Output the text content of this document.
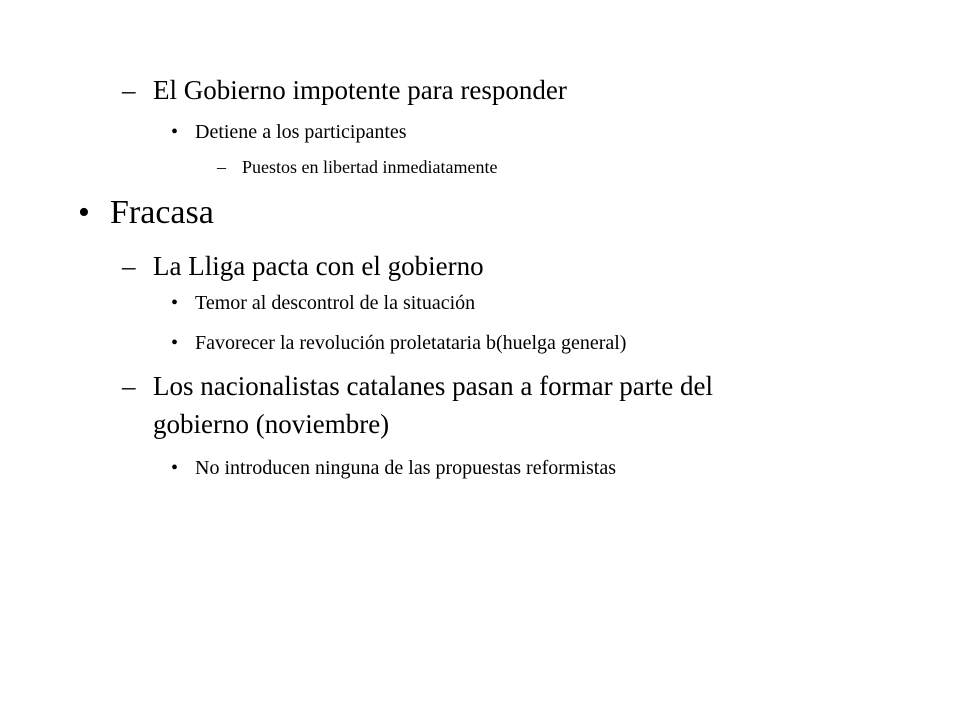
– El Gobierno impotente para responder
• Detiene a los participantes
– Puestos en libertad inmediatamente
• Fracasa
– La Lliga pacta con el gobierno
• Temor al descontrol de la situación
• Favorecer la revolución proletataria b(huelga general)
– Los nacionalistas catalanes pasan a formar parte del
gobierno (noviembre)
• No introducen ninguna de las propuestas reformistas
